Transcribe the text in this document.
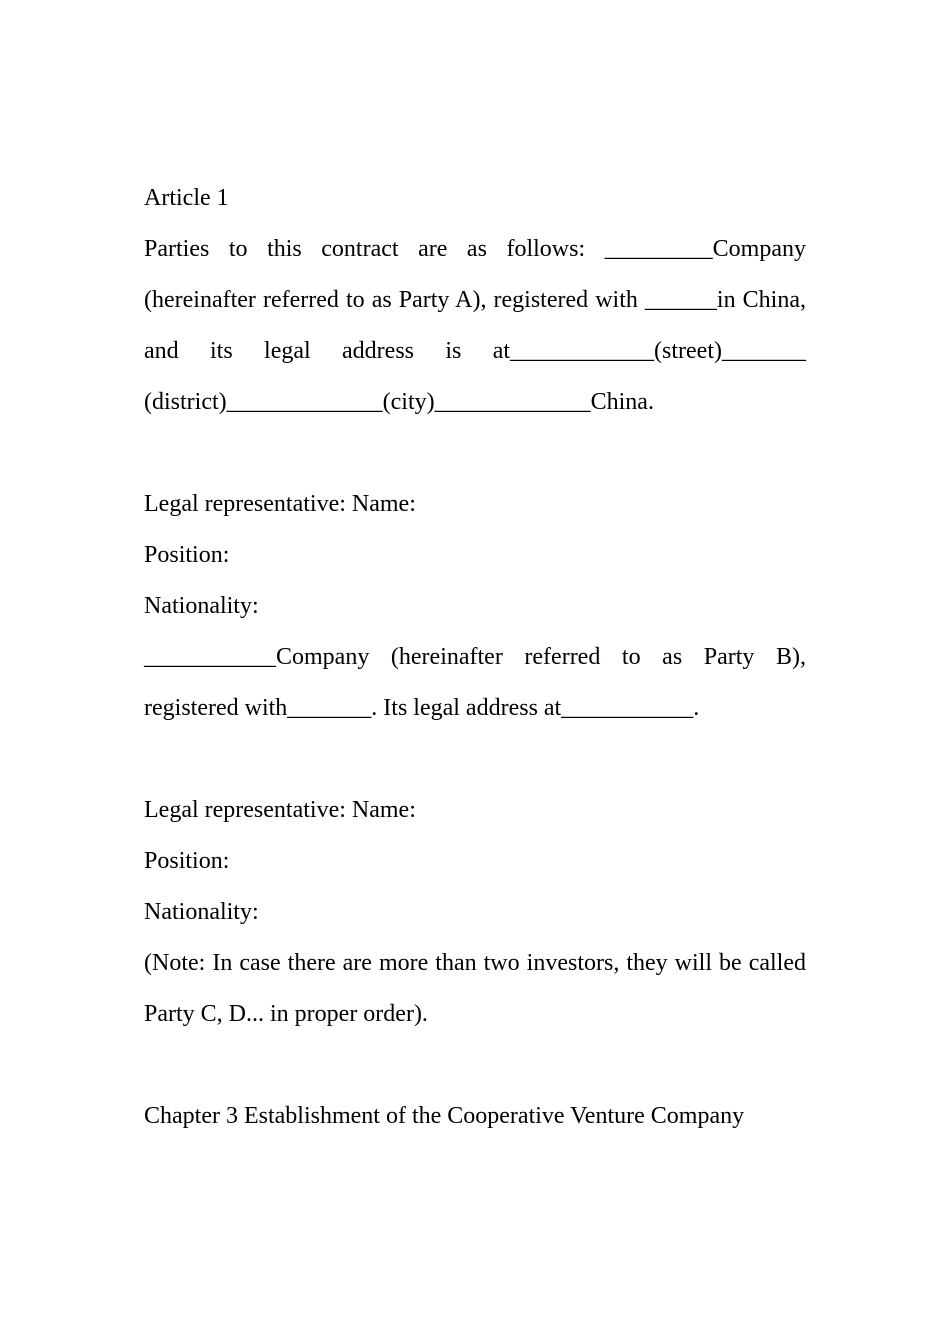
Article 1

Parties to this contract are as follows: _________Company (hereinafter referred to as Party A), registered with ______in China, and its legal address is at____________(street)_______ (district)_____________(city)_____________China.

Legal representative: Name:

Position:

Nationality:

___________Company (hereinafter referred to as Party B), registered with_______. Its legal address at___________.

Legal representative: Name:

Position:

Nationality:

(Note: In case there are more than two investors, they will be called Party C, D... in proper order).

Chapter 3 Establishment of the Cooperative Venture Company
